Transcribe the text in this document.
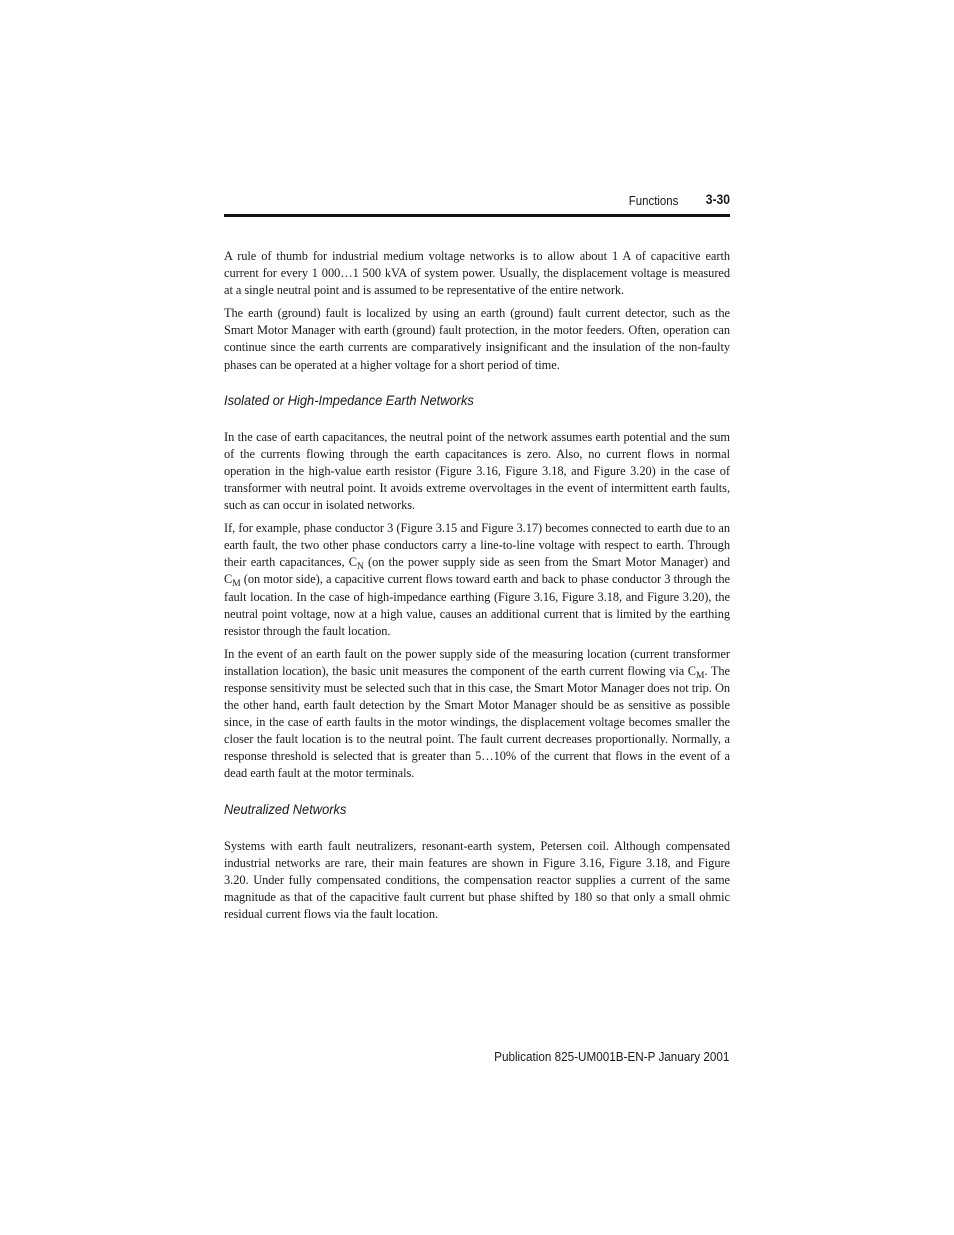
Functions 3-30

A rule of thumb for industrial medium voltage networks is to allow about 1 A of capacitive earth current for every 1 000…1 500 kVA of system power. Usually, the displacement voltage is measured at a single neutral point and is assumed to be representative of the entire network.

The earth (ground) fault is localized by using an earth (ground) fault current detector, such as the Smart Motor Manager with earth (ground) fault protection, in the motor feeders. Often, operation can continue since the earth currents are comparatively insignificant and the insulation of the non-faulty phases can be operated at a higher voltage for a short period of time.

Isolated or High-Impedance Earth Networks

In the case of earth capacitances, the neutral point of the network assumes earth potential and the sum of the currents flowing through the earth capacitances is zero. Also, no current flows in normal operation in the high-value earth resistor (Figure 3.16, Figure 3.18, and Figure 3.20) in the case of transformer with neutral point. It avoids extreme overvoltages in the event of intermittent earth faults, such as can occur in isolated networks.

If, for example, phase conductor 3 (Figure 3.15 and Figure 3.17) becomes connected to earth due to an earth fault, the two other phase conductors carry a line-to-line voltage with respect to earth. Through their earth capacitances, $C_N$ (on the power supply side as seen from the Smart Motor Manager) and $C_M$ (on motor side), a capacitive current flows toward earth and back to phase conductor 3 through the fault location. In the case of high-impedance earthing (Figure 3.16, Figure 3.18, and Figure 3.20), the neutral point voltage, now at a high value, causes an additional current that is limited by the earthing resistor through the fault location.

In the event of an earth fault on the power supply side of the measuring location (current transformer installation location), the basic unit measures the component of the earth current flowing via $C_M$. The response sensitivity must be selected such that in this case, the Smart Motor Manager does not trip. On the other hand, earth fault detection by the Smart Motor Manager should be as sensitive as possible since, in the case of earth faults in the motor windings, the displacement voltage becomes smaller the closer the fault location is to the neutral point. The fault current decreases proportionally. Normally, a response threshold is selected that is greater than 5…10% of the current that flows in the event of a dead earth fault at the motor terminals.

Neutralized Networks

Systems with earth fault neutralizers, resonant-earth system, Petersen coil. Although compensated industrial networks are rare, their main features are shown in Figure 3.16, Figure 3.18, and Figure 3.20. Under fully compensated conditions, the compensation reactor supplies a current of the same magnitude as that of the capacitive fault current but phase shifted by 180 so that only a small ohmic residual current flows via the fault location.

Publication 825-UM001B-EN-P January 2001
